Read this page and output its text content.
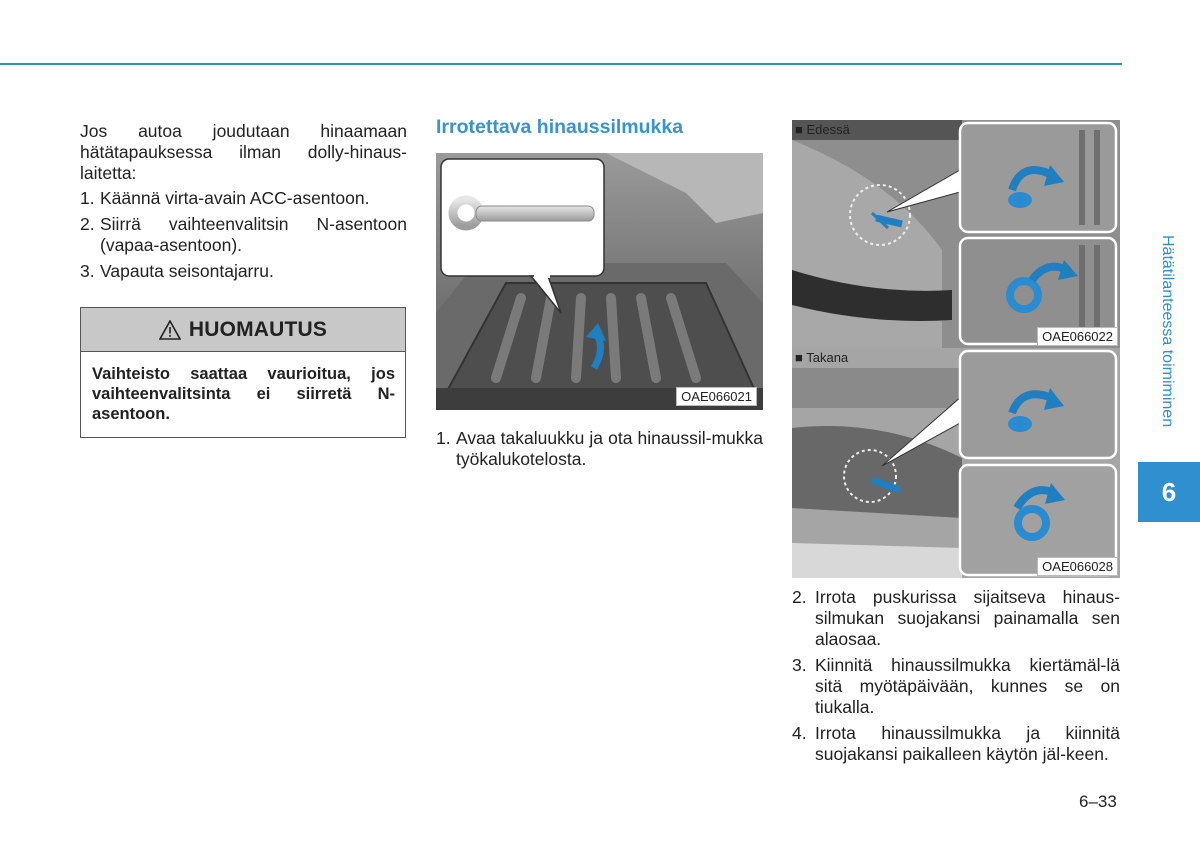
Jos autoa joudutaan hinaamaan hätätapauksessa ilman dolly-hinaus-laitetta:
1. Käännä virta-avain ACC-asentoon.
2. Siirrä vaihteenvalitsin N-asentoon (vapaa-asentoon).
3. Vapauta seisontajarru.
HUOMAUTUS
Vaihteisto saattaa vaurioitua, jos vaihteenvalitsinta ei siirretä N-asentoon.
Irrotettava hinaussilmukka
OAE066021
1. Avaa takaluukku ja ota hinaussil-mukka työkalukotelosta.
■ Edessä
OAE066022
■ Takana
OAE066028
2. Irrota puskurissa sijaitseva hinaus-silmukan suojakansi painamalla sen alaosaa.
3. Kiinnitä hinaussilmukka kiertämäl-lä sitä myötäpäivään, kunnes se on tiukalla.
4. Irrota hinaussilmukka ja kiinnitä suojakansi paikalleen käytön jäl-keen.
Hätätilanteessa toimiminen
6
6–33
